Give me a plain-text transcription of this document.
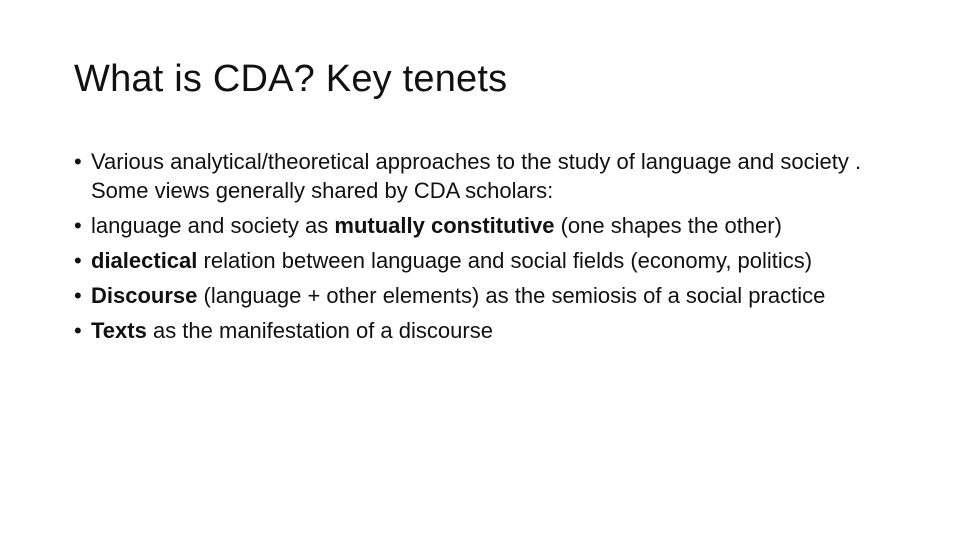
What is CDA? Key tenets
• Various analytical/theoretical approaches to the study of language and society . Some views generally shared by CDA scholars:
• language and society as mutually constitutive (one shapes the other)
• dialectical relation between language and social fields (economy, politics)
• Discourse (language + other elements) as the semiosis of a social practice
• Texts as the manifestation of a discourse
